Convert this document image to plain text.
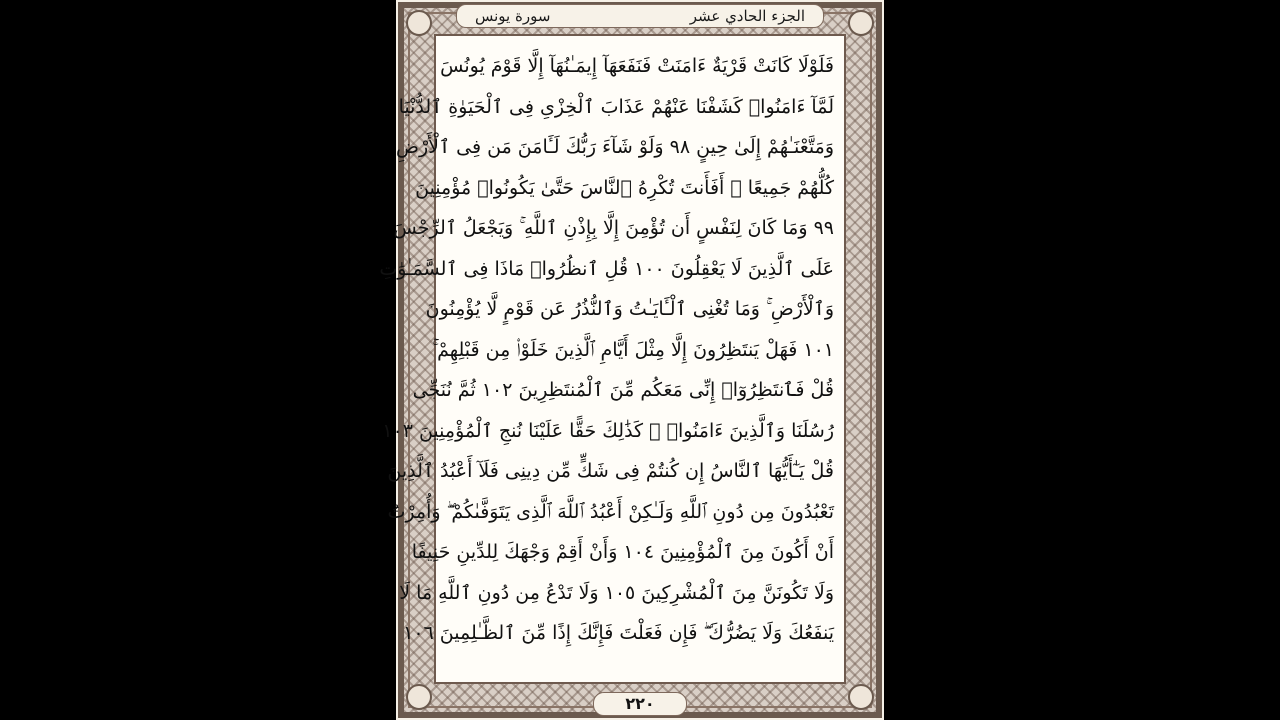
سورة يونس	الجزء الحادي عشر
فَلَوْلَا كَانَتْ قَرْيَةٌ ءَامَنَتْ فَنَفَعَهَآ إِيمَـٰنُهَآ إِلَّا قَوْمَ يُونُسَ
لَمَّآ ءَامَنُوا۟ كَشَفْنَا عَنْهُمْ عَذَابَ ٱلْخِزْىِ فِى ٱلْحَيَوٰةِ ٱلدُّنْيَا
وَمَتَّعْنَـٰهُمْ إِلَىٰ حِينٍ ٩٨ وَلَوْ شَآءَ رَبُّكَ لَـَٔامَنَ مَن فِى ٱلْأَرْضِ
كُلُّهُمْ جَمِيعًا ۚ أَفَأَنتَ تُكْرِهُ ٱلنَّاسَ حَتَّىٰ يَكُونُوا۟ مُؤْمِنِينَ
٩٩ وَمَا كَانَ لِنَفْسٍ أَن تُؤْمِنَ إِلَّا بِإِذْنِ ٱللَّهِ ۚ وَيَجْعَلُ ٱلرِّجْسَ
عَلَى ٱلَّذِينَ لَا يَعْقِلُونَ ١٠٠ قُلِ ٱنظُرُوا۟ مَاذَا فِى ٱلسَّمَـٰوَٰتِ
وَٱلْأَرْضِ ۚ وَمَا تُغْنِى ٱلْـَٔايَـٰتُ وَٱلنُّذُرُ عَن قَوْمٍ لَّا يُؤْمِنُونَ
١٠١ فَهَلْ يَنتَظِرُونَ إِلَّا مِثْلَ أَيَّامِ ٱلَّذِينَ خَلَوْا۟ مِن قَبْلِهِمْ ۚ
قُلْ فَٱنتَظِرُوٓا۟ إِنِّى مَعَكُم مِّنَ ٱلْمُنتَظِرِينَ ١٠٢ ثُمَّ نُنَجِّى
رُسُلَنَا وَٱلَّذِينَ ءَامَنُوا۟ ۚ كَذَٰلِكَ حَقًّا عَلَيْنَا نُنجِ ٱلْمُؤْمِنِينَ ١٠٣
قُلْ يَـٰٓأَيُّهَا ٱلنَّاسُ إِن كُنتُمْ فِى شَكٍّ مِّن دِينِى فَلَآ أَعْبُدُ ٱلَّذِينَ
تَعْبُدُونَ مِن دُونِ ٱللَّهِ وَلَـٰكِنْ أَعْبُدُ ٱللَّهَ ٱلَّذِى يَتَوَفَّىٰكُمْ ۖ وَأُمِرْتُ
أَنْ أَكُونَ مِنَ ٱلْمُؤْمِنِينَ ١٠٤ وَأَنْ أَقِمْ وَجْهَكَ لِلدِّينِ حَنِيفًا
وَلَا تَكُونَنَّ مِنَ ٱلْمُشْرِكِينَ ١٠٥ وَلَا تَدْعُ مِن دُونِ ٱللَّهِ مَا لَا
يَنفَعُكَ وَلَا يَضُرُّكَ ۖ فَإِن فَعَلْتَ فَإِنَّكَ إِذًا مِّنَ ٱلظَّـٰلِمِينَ ١٠٦
٢٢٠
